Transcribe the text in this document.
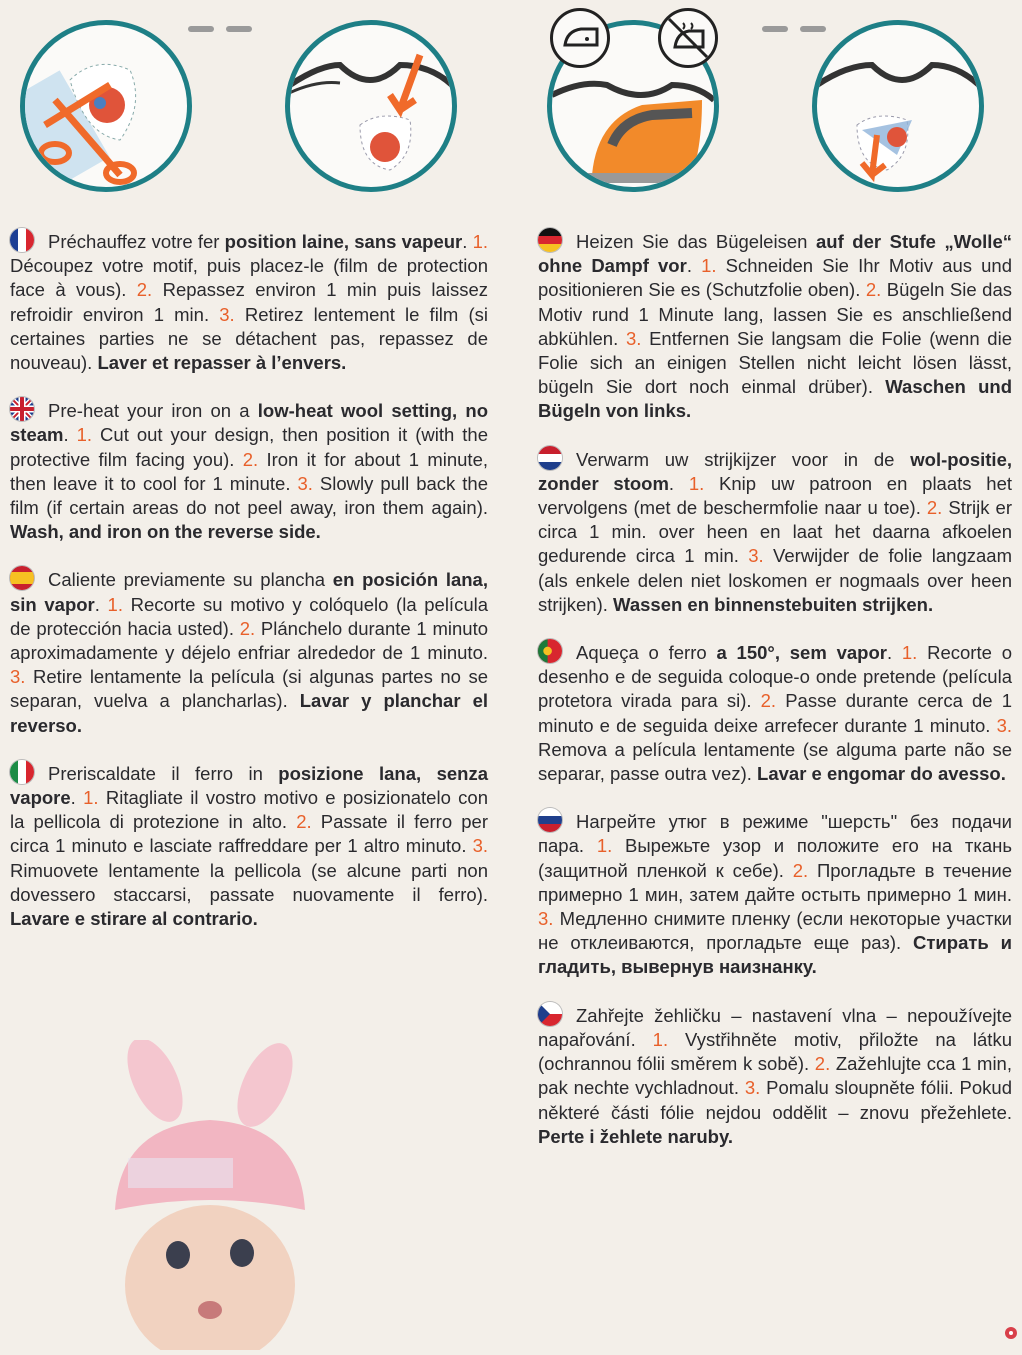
Préchauffez votre fer position laine, sans vapeur. 1. Découpez votre motif, puis placez-le (film de protection face à vous). 2. Repassez environ 1 min puis laissez refroidir environ 1 min. 3. Retirez lentement le film (si certaines parties ne se détachent pas, repassez de nouveau). Laver et repasser à l’envers.

Pre-heat your iron on a low-heat wool setting, no steam. 1. Cut out your design, then position it (with the protective film facing you). 2. Iron it for about 1 minute, then leave it to cool for 1 minute. 3. Slowly pull back the film (if certain areas do not peel away, iron them again). Wash, and iron on the reverse side.

Caliente previamente su plancha en posición lana, sin vapor. 1. Recorte su motivo y colóquelo (la película de protección hacia usted). 2. Plánchelo durante 1 minuto aproximadamente y déjelo enfriar alrededor de 1 minuto. 3. Retire lentamente la película (si algunas partes no se separan, vuelva a plancharlas). Lavar y planchar el reverso.

Preriscaldate il ferro in posizione lana, senza vapore. 1. Ritagliate il vostro motivo e posizionatelo con la pellicola di protezione in alto. 2. Passate il ferro per circa 1 minuto e lasciate raffreddare per 1 altro minuto. 3. Rimuovete lentamente la pellicola (se alcune parti non dovessero staccarsi, passate nuovamente il ferro). Lavare e stirare al contrario.

Heizen Sie das Bügeleisen auf der Stufe „Wolle“ ohne Dampf vor. 1. Schneiden Sie Ihr Motiv aus und positionieren Sie es (Schutzfolie oben). 2. Bügeln Sie das Motiv rund 1 Minute lang, lassen Sie es anschließend abkühlen. 3. Entfernen Sie langsam die Folie (wenn die Folie sich an einigen Stellen nicht leicht lösen lässt, bügeln Sie dort noch einmal drüber). Waschen und Bügeln von links.

Verwarm uw strijkijzer voor in de wol-positie, zonder stoom. 1. Knip uw patroon en plaats het vervolgens (met de beschermfolie naar u toe). 2. Strijk er circa 1 min. over heen en laat het daarna afkoelen gedurende circa 1 min. 3. Verwijder de folie langzaam (als enkele delen niet loskomen er nogmaals over heen strijken). Wassen en binnenstebuiten strijken.

Aqueça o ferro a 150°, sem vapor. 1. Recorte o desenho e de seguida coloque-o onde pretende (película protetora virada para si). 2. Passe durante cerca de 1 minuto e de seguida deixe arrefecer durante 1 minuto. 3. Remova a película lentamente (se alguma parte não se separar, passe outra vez). Lavar e engomar do avesso.

Нагрейте утюг в режиме "шерсть" без подачи пара. 1. Вырежьте узор и положите его на ткань (защитной пленкой к себе). 2. Прогладьте в течение примерно 1 мин, затем дайте остыть примерно 1 мин. 3. Медленно снимите пленку (если некоторые участки не отклеиваются, прогладьте еще раз). Стирать и гладить, вывернув наизнанку.

Zahřejte žehličku – nastavení vlna – nepoužívejte napařování. 1. Vystřihněte motiv, přiložte na látku (ochrannou fólii směrem k sobě). 2. Zažehlujte cca 1 min, pak nechte vychladnout. 3. Pomalu sloupněte fólii. Pokud některé části fólie nejdou oddělit – znovu přežehlete. Perte i žehlete naruby.
